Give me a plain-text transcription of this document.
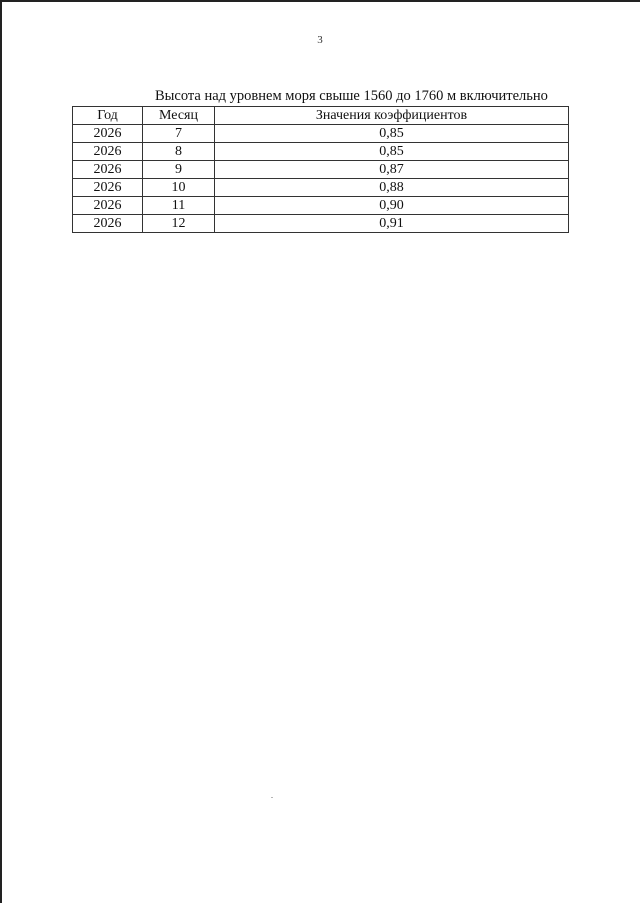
3
Высота над уровнем моря свыше 1560 до 1760 м включительно
Год	Месяц	Значения коэффициентов
2026	7	0,85
2026	8	0,85
2026	9	0,87
2026	10	0,88
2026	11	0,90
2026	12	0,91
